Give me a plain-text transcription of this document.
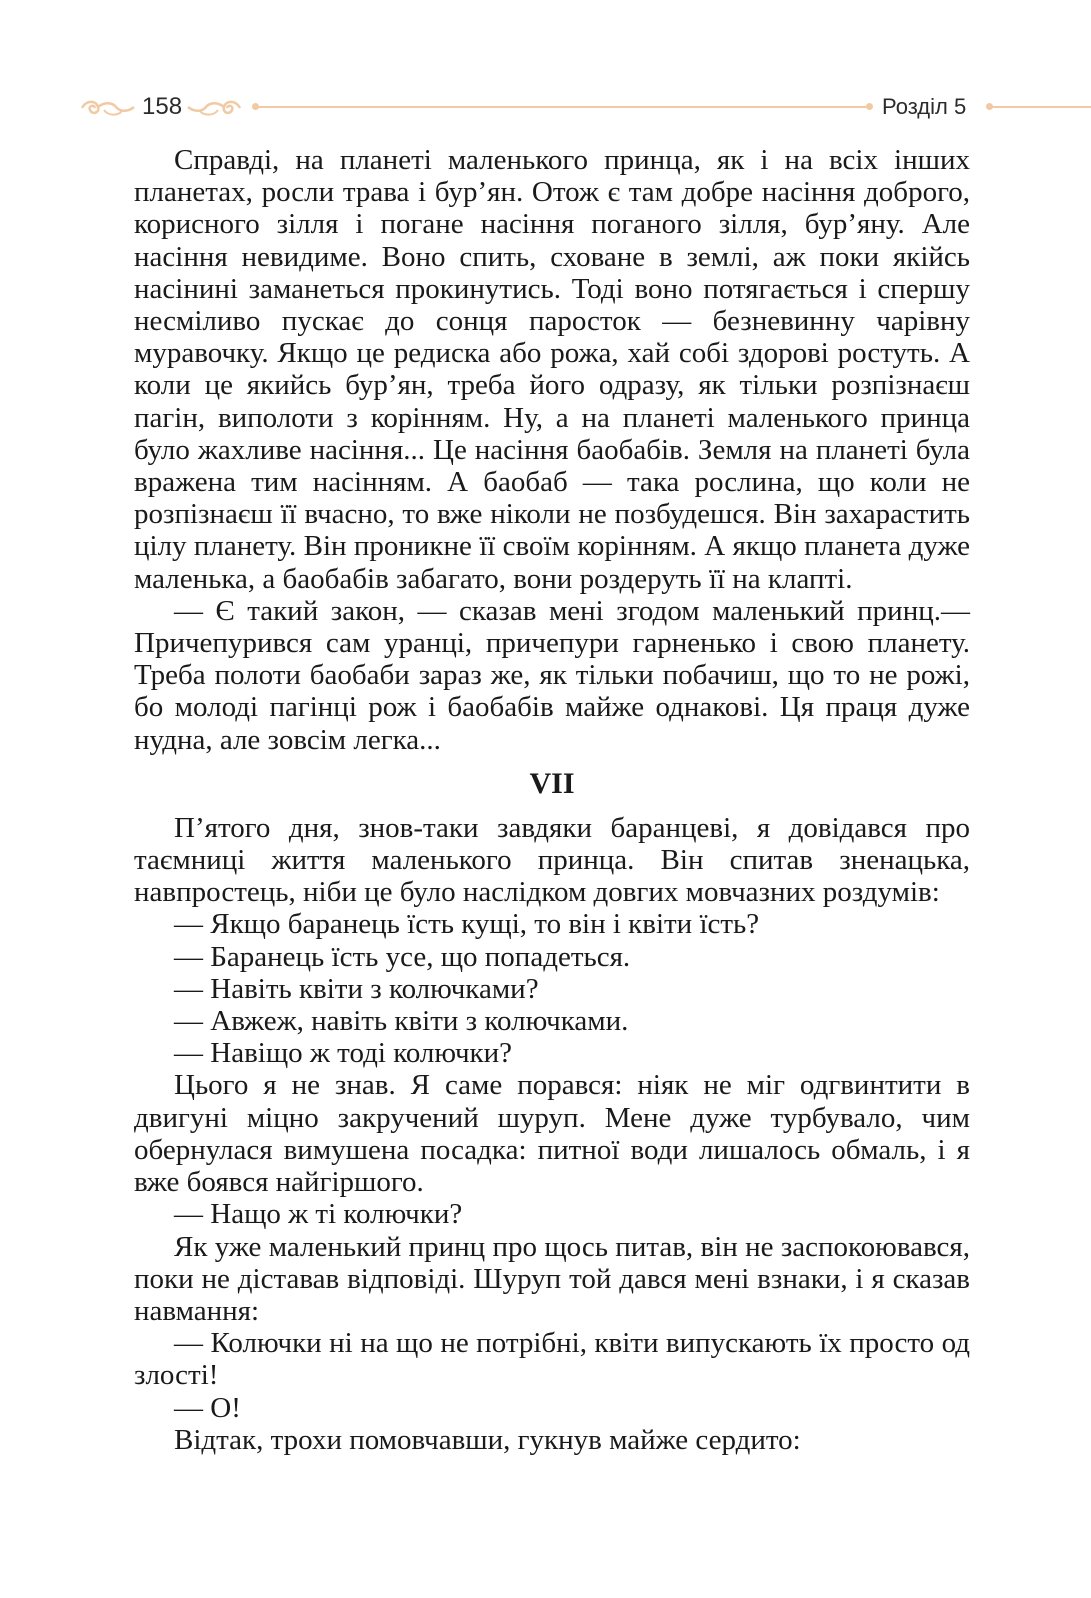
158	Розділ 5

Справді, на планеті маленького принца, як і на всіх інших планетах, росли трава і бур’ян. Отож є там добре насіння доброго, корисного зілля і погане насіння поганого зілля, бур’яну. Але насіння невидиме. Воно спить, сховане в землі, аж поки якійсь насінині заманеться прокинутись. Тоді воно потягається і спершу несміливо пускає до сонця паросток — безневинну чарівну муравочку. Якщо це редиска або рожа, хай собі здорові ростуть. А коли це якийсь бур’ян, треба його одразу, як тільки розпізнаєш пагін, виполоти з корінням. Ну, а на планеті маленького принца було жахливе насіння... Це насіння баобабів. Земля на планеті була вражена тим насінням. А баобаб — така рослина, що коли не розпізнаєш її вчасно, то вже ніколи не позбудешся. Він захарастить цілу планету. Він проникне її своїм корінням. А якщо планета дуже маленька, а баобабів забагато, вони роздеруть її на клапті.

— Є такий закон, — сказав мені згодом маленький принц.— Причепурився сам уранці, причепури гарненько і свою планету. Треба полоти баобаби зараз же, як тільки побачиш, що то не рожі, бо молоді пагінці рож і баобабів майже однакові. Ця праця дуже нудна, але зовсім легка...

VII

П’ятого дня, знов-таки завдяки баранцеві, я довідався про таємниці життя маленького принца. Він спитав зненацька, навпростець, ніби це було наслідком довгих мовчазних роздумів:

— Якщо баранець їсть кущі, то він і квіти їсть?

— Баранець їсть усе, що попадеться.

— Навіть квіти з колючками?

— Авжеж, навіть квіти з колючками.

— Навіщо ж тоді колючки?

Цього я не знав. Я саме порався: ніяк не міг одгвинтити в двигуні міцно закручений шуруп. Мене дуже турбувало, чим обернулася вимушена посадка: питної води лишалось обмаль, і я вже боявся найгіршого.

— Нащо ж ті колючки?

Як уже маленький принц про щось питав, він не заспокоювався, поки не діставав відповіді. Шуруп той дався мені взнаки, і я сказав навмання:

— Колючки ні на що не потрібні, квіти випускають їх просто од злості!

— О!

Відтак, трохи помовчавши, гукнув майже сердито:
